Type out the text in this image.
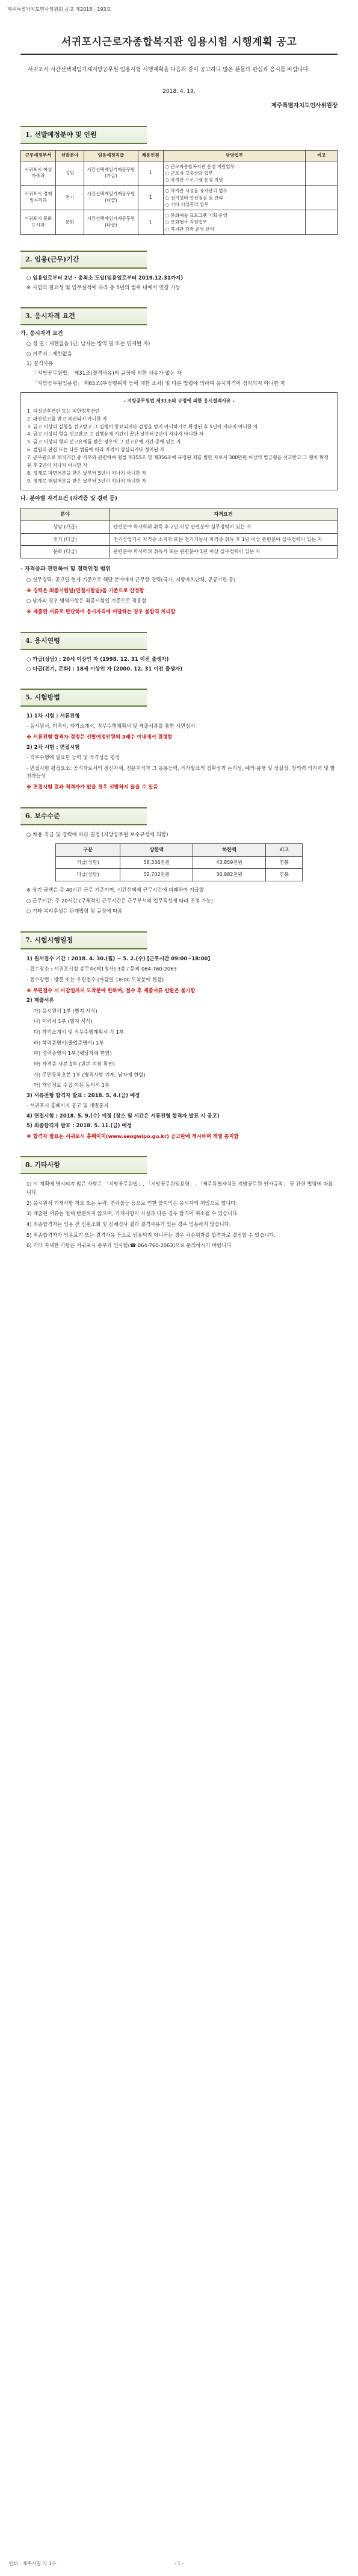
제주특별자치도민사위원회 공고 제2018 - 193호
서귀포시근로자종합복지관 임용시험 시행계획 공고
서귀포시 시간선택제임기제지방공무원 임용시험 시행계획을 다음과 같이 공고하니 많은 분들의 관심과 응시를 바랍니다.
2018. 4. 19.
제주특별자치도인사위원장
1. 선발예정분야 및 인원
근무예정부서	선발분야	임용예정직급	채용인원	담당업무	비고
서귀포시 여성가족과	상담	시간선택제임기제공무원(가급)	1	○ 근로자종합복지관 운영 지원업무
○ 근로자 고충상담 업무
○ 복지관 프로그램 운영 지원	
서귀포시 경제일자리과	전기	시간선택제임기제공무원(다급)	1	○ 복지관 시설물 유지관리 업무
○ 전기설비 안전점검 및 관리
○ 기타 시설관리 업무	
서귀포시 문화도시과	문화	시간선택제임기제공무원(다급)	1	○ 문화예술 프로그램 기획·운영
○ 문화행사 지원업무
○ 복지관 강좌 운영 관리	
2. 임용(근무)기간
○ 임용일로부터 2년 · 총최소 도일(임용일로부터 2019.12.31까지)
※ 사업의 필요성 및 업무실적에 따라 총 5년의 범위 내에서 연장 가능
3. 응시자격 요건
가. 응시자격 요건
○ 성 별 : 제한없음 (단, 남자는 병역 필 또는 면제된 자)
○ 거주지 : 제한없음
1) 결격사유
「지방공무원법」 제31조(결격사유)의 규정에 의한 사유가 없는 자
「지방공무원임용령」 제65조(부정행위자 등에 대한 조치) 및 다른 법령에 의하여 응시자격이 정지되지 아니한 자
- 지방공무원법 제31조의 규정에 의한 응시결격사유 -
1. 피성년후견인 또는 피한정후견인
2. 파산선고를 받고 복권되지 아니한 자
3. 금고 이상의 실형을 선고받고 그 집행이 종료되거나 집행을 받지 아니하기로 확정된 후 5년이 지나지 아니한 자
4. 금고 이상의 형을 선고받고 그 집행유예 기간이 끝난 날부터 2년이 지나지 아니한 자
5. 금고 이상의 형의 선고유예를 받은 경우에 그 선고유예 기간 중에 있는 자
6. 법원의 판결 또는 다른 법률에 따라 자격이 상실되거나 정지된 자
7. 공무원으로 재직기간 중 직무와 관련하여 형법 제355조 및 제356조에 규정된 죄를 범한 자로서 300만원 이상의 벌금형을 선고받고 그 형이 확정된 후 2년이 지나지 아니한 자
8. 징계로 파면처분을 받은 날부터 5년이 지나지 아니한 자
9. 징계로 해임처분을 받은 날부터 3년이 지나지 아니한 자
나. 분야별 자격요건 (자격증 및 경력 등)
분야	자격요건
상담 (가급)	관련분야 학사학위 취득 후 2년 이상 관련분야 실무경력이 있는 자
전기 (다급)	전기산업기사 자격증 소지자 또는 전기기능사 자격증 취득 후 1년 이상 관련분야 실무경력이 있는 자
문화 (다급)	관련분야 학사학위 취득자 또는 관련분야 1년 이상 실무경력이 있는 자
- 자격증과 관련하여 및 경력인정 범위
○ 실무경력: 공고일 현재 기준으로 해당 분야에서 근무한 경력(국가, 지방자치단체, 공공기관 등)
※ 경력은 최종시험일(면접시험일)을 기준으로 산정함
○ 남자의 경우 병역사항은 최종시험일 기준으로 적용함
※ 제출된 서류로 판단하여 응시자격에 미달하는 경우 불합격 처리함
4. 응시연령
○ 가급(상담) : 20세 이상인 자 (1998. 12. 31 이전 출생자)
○ 다급(전기, 문화) : 18세 이상인 자 (2000. 12. 31 이전 출생자)
5. 시험방법
1) 1차 시험 : 서류전형
- 응시원서, 이력서, 자기소개서, 직무수행계획서 및 제출서류를 통한 서면심사
※ 서류전형 합격자 결정은 선발예정인원의 3배수 이내에서 결정함
2) 2차 시험 : 면접시험
- 직무수행에 필요한 능력 및 적격성을 평정
- 면접시험 평정요소: 공직자로서의 정신자세, 전문지식과 그 응용능력, 의사발표의 정확성과 논리성, 예의·품행 및 성실성, 창의력·의지력 및 발전가능성
※ 면접시험 결과 적격자가 없을 경우 선발하지 않을 수 있음
6. 보수수준
○ 채용 직급 및 경력에 따라 결정 (지방공무원 보수규정에 의함)
구분	상한액	하한액	비고
가급(상당)	58,336천원	43,859천원	연봉
다급(상당)	52,702천원	36,882천원	연봉
※ 상기 금액은 주 40시간 근무 기준이며, 시간선택제 근무시간에 비례하여 지급함
○ 근무시간: 주 20시간 (구체적인 근무시간은 근무부서의 업무특성에 따라 조정 가능)
○ 기타 복리후생은 관계법령 및 규정에 따름
7. 시험시행일정
1) 원서접수 기간 : 2018. 4. 30.(월) ~ 5. 2.(수) [근무시간 09:00~18:00]
- 접수장소 : 서귀포시청 총무과(제1청사) 3층 / 문의 064-760-2063
- 접수방법 : 방문 또는 우편접수 (마감일 18:00 도착분에 한함)
※ 우편접수 시 마감일까지 도착분에 한하며, 접수 후 제출서류 반환은 불가함
2) 제출서류
가) 응시원서 1부 (별지 서식)
나) 이력서 1부 (별지 서식)
다) 자기소개서 및 직무수행계획서 각 1부
라) 학력증명서(졸업증명서) 1부
마) 경력증명서 1부 (해당자에 한함)
바) 자격증 사본 1부 (원본 지참 확인)
사) 주민등록초본 1부 (병적사항 기재, 남자에 한함)
아) 개인정보 수집·이용 동의서 1부
3) 서류전형 합격자 발표 : 2018. 5. 4.(금) 예정
- 서귀포시 홈페이지 공고 및 개별통지
4) 면접시험 : 2018. 5. 9.(수) 예정 (장소 및 시간은 서류전형 합격자 발표 시 공고)
5) 최종합격자 발표 : 2018. 5. 11.(금) 예정
※ 합격자 발표는 서귀포시 홈페이지(www.seogwipo.go.kr) 공고란에 게시하며 개별 통지함
8. 기타사항
1) 이 계획에 명시되지 않은 사항은 「지방공무원법」, 「지방공무원임용령」, 「제주특별자치도 지방공무원 인사규칙」 등 관련 법령에 따릅니다.
2) 응시원서 기재사항 착오 또는 누락, 연락불능 등으로 인한 불이익은 응시자의 책임으로 합니다.
3) 제출된 서류는 일체 반환하지 않으며, 기재사항이 사실과 다른 경우 합격이 취소될 수 있습니다.
4) 최종합격자는 임용 전 신원조회 및 신체검사 결과 결격사유가 있는 경우 임용하지 않습니다.
5) 최종합격자가 임용포기 또는 결격사유 등으로 임용되지 아니하는 경우 차순위자를 합격자로 결정할 수 있습니다.
6) 기타 자세한 사항은 서귀포시 총무과 인사팀(☎ 064-760-2063)으로 문의하시기 바랍니다.
인쇄 : 제주시청 각 1부	- 1 -
